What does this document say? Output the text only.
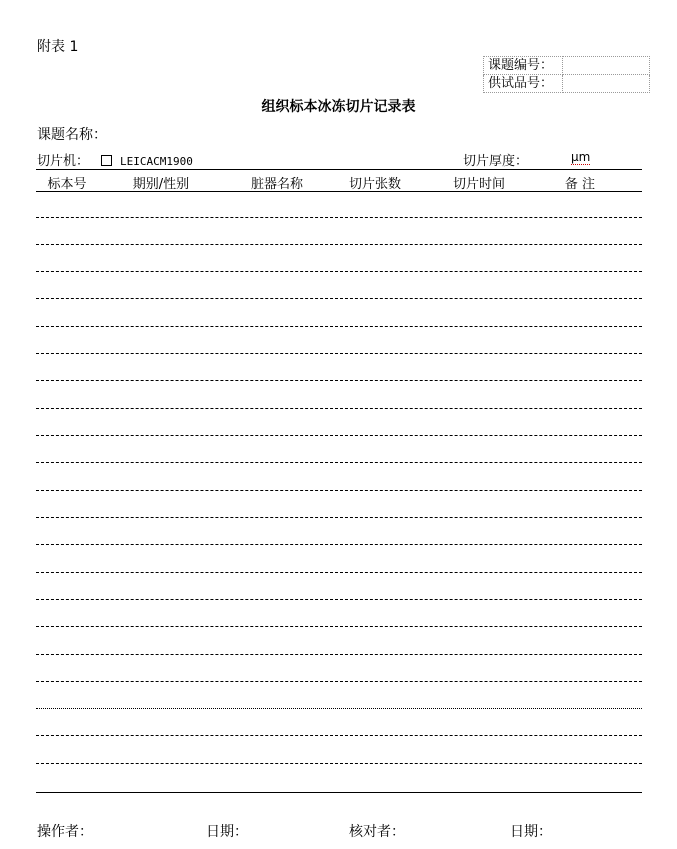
附表 1
课题编号：	
供试品号：	
组织标本冰冻切片记录表
课题名称：
切片机：	LEICACM1900	切片厚度：	μm
标本号	期别/性别	脏器名称	切片张数	切片时间	备 注
操作者：	日期：	核对者：	日期：
